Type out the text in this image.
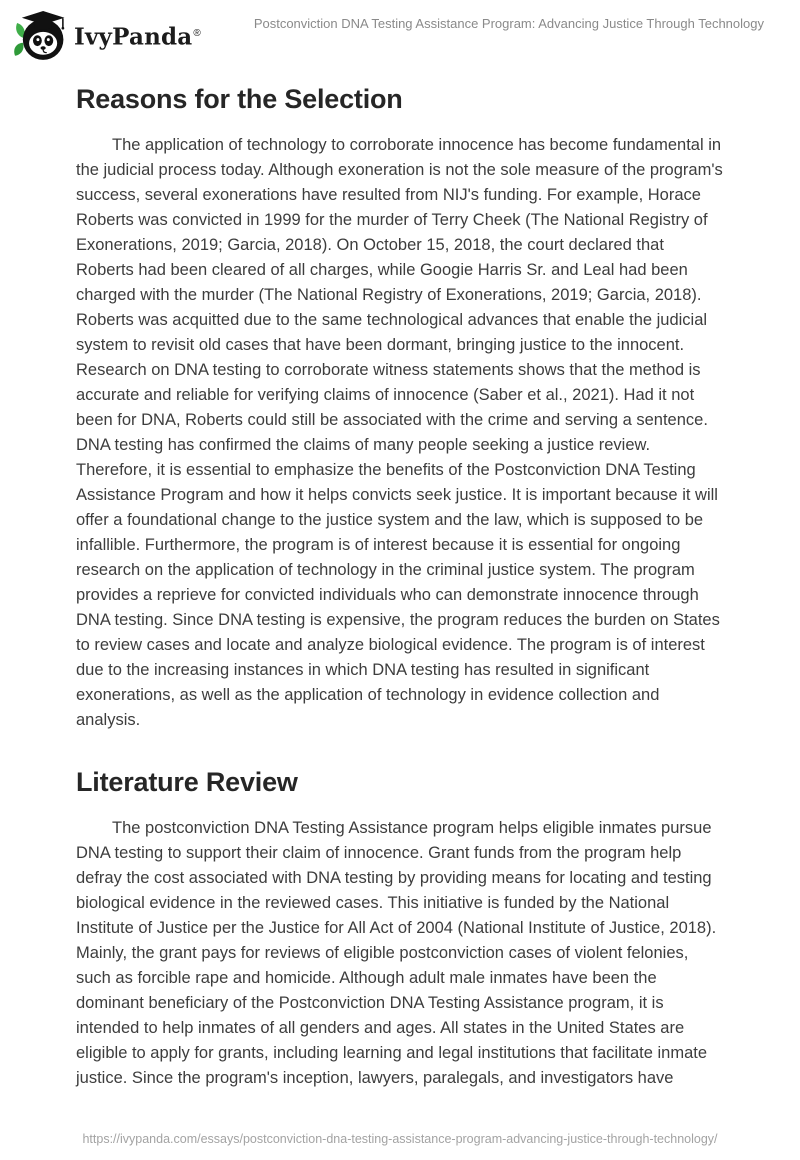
IvyPanda®
Postconviction DNA Testing Assistance Program: Advancing Justice Through Technology
Reasons for the Selection

The application of technology to corroborate innocence has become fundamental in the judicial process today. Although exoneration is not the sole measure of the program's success, several exonerations have resulted from NIJ's funding. For example, Horace Roberts was convicted in 1999 for the murder of Terry Cheek (The National Registry of Exonerations, 2019; Garcia, 2018). On October 15, 2018, the court declared that Roberts had been cleared of all charges, while Googie Harris Sr. and Leal had been charged with the murder (The National Registry of Exonerations, 2019; Garcia, 2018). Roberts was acquitted due to the same technological advances that enable the judicial system to revisit old cases that have been dormant, bringing justice to the innocent. Research on DNA testing to corroborate witness statements shows that the method is accurate and reliable for verifying claims of innocence (Saber et al., 2021). Had it not been for DNA, Roberts could still be associated with the crime and serving a sentence. DNA testing has confirmed the claims of many people seeking a justice review. Therefore, it is essential to emphasize the benefits of the Postconviction DNA Testing Assistance Program and how it helps convicts seek justice. It is important because it will offer a foundational change to the justice system and the law, which is supposed to be infallible. Furthermore, the program is of interest because it is essential for ongoing research on the application of technology in the criminal justice system. The program provides a reprieve for convicted individuals who can demonstrate innocence through DNA testing. Since DNA testing is expensive, the program reduces the burden on States to review cases and locate and analyze biological evidence. The program is of interest due to the increasing instances in which DNA testing has resulted in significant exonerations, as well as the application of technology in evidence collection and analysis.

Literature Review

The postconviction DNA Testing Assistance program helps eligible inmates pursue DNA testing to support their claim of innocence. Grant funds from the program help defray the cost associated with DNA testing by providing means for locating and testing biological evidence in the reviewed cases. This initiative is funded by the National Institute of Justice per the Justice for All Act of 2004 (National Institute of Justice, 2018). Mainly, the grant pays for reviews of eligible postconviction cases of violent felonies, such as forcible rape and homicide. Although adult male inmates have been the dominant beneficiary of the Postconviction DNA Testing Assistance program, it is intended to help inmates of all genders and ages. All states in the United States are eligible to apply for grants, including learning and legal institutions that facilitate inmate justice. Since the program's inception, lawyers, paralegals, and investigators have

https://ivypanda.com/essays/postconviction-dna-testing-assistance-program-advancing-justice-through-technology/
